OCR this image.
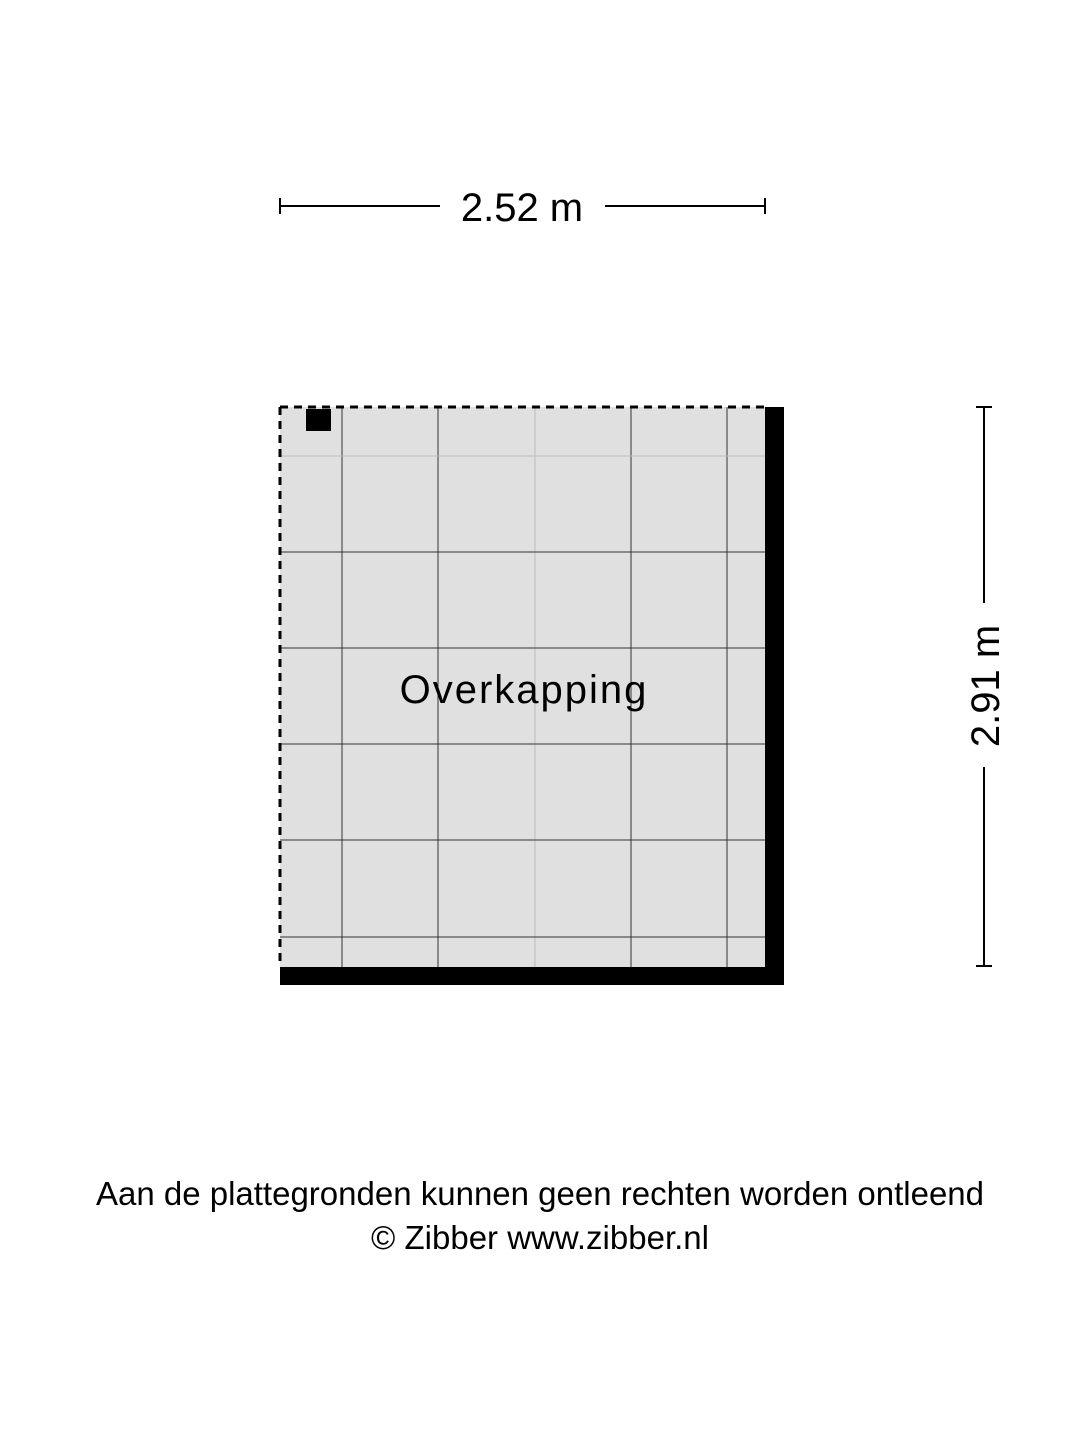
2.52 m
2.91 m
Overkapping
Aan de plattegronden kunnen geen rechten worden ontleend
© Zibber www.zibber.nl
